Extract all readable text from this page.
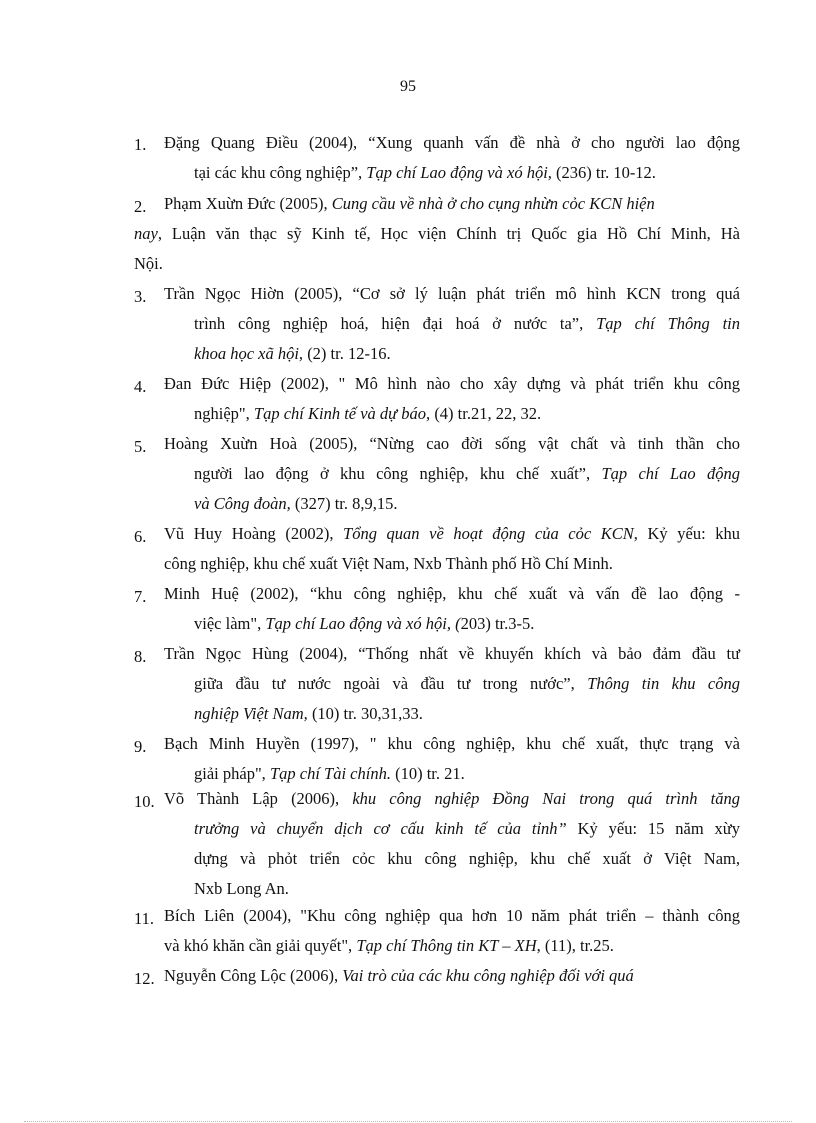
95
1. Đặng Quang Điều (2004), “Xung quanh vấn đề nhà ở cho người lao động
tại các khu công nghiệp”, Tạp chí Lao động và xó hội, (236) tr. 10-12.
2. Phạm Xuừn Đức (2005), Cung cầu về nhà ở cho cụng nhừn cỏc KCN hiện
nay, Luận văn thạc sỹ Kinh tế, Học viện Chính trị Quốc gia Hồ Chí Minh, Hà
Nội.
3. Trần Ngọc Hiờn (2005), “Cơ sở lý luận phát triển mô hình KCN trong quá
trình công nghiệp hoá, hiện đại hoá ở nước ta”, Tạp chí Thông tin
khoa học xã hội, (2) tr. 12-16.
4. Đan Đức Hiệp (2002), " Mô hình nào cho xây dựng và phát triển khu công
nghiệp", Tạp chí Kinh tế và dự báo, (4) tr.21, 22, 32.
5. Hoàng Xuừn Hoà (2005), “Nừng cao đời sống vật chất và tinh thần cho
người lao động ở khu công nghiệp, khu chế xuất”, Tạp chí Lao động
và Công đoàn, (327) tr. 8,9,15.
6. Vũ Huy Hoàng (2002), Tổng quan về hoạt động của cỏc KCN, Kỷ yếu: khu
công nghiệp, khu chế xuất Việt Nam, Nxb Thành phố Hồ Chí Minh.
7. Minh Huệ (2002), “khu công nghiệp, khu chế xuất và vấn đề lao động -
việc làm", Tạp chí Lao động và xó hội, (203) tr.3-5.
8. Trần Ngọc Hùng (2004), “Thống nhất về khuyến khích và bảo đảm đầu tư
giữa đầu tư nước ngoài và đầu tư trong nước”, Thông tin khu công
nghiệp Việt Nam, (10) tr. 30,31,33.
9. Bạch Minh Huyền (1997), " khu công nghiệp, khu chế xuất, thực trạng và
giải pháp", Tạp chí Tài chính. (10) tr. 21.
10. Võ Thành Lập (2006), khu công nghiệp Đồng Nai trong quá trình tăng
trưởng và chuyển dịch cơ cấu kinh tế của tỉnh” Kỷ yếu: 15 năm xừy
dựng và phỏt triển cỏc khu công nghiệp, khu chế xuất ở Việt Nam,
Nxb Long An.
11. Bích Liên (2004), "Khu công nghiệp qua hơn 10 năm phát triển – thành công
và khó khăn cần giải quyết", Tạp chí Thông tin KT – XH, (11), tr.25.
12. Nguyễn Công Lộc (2006), Vai trò của các khu công nghiệp đối với quá
